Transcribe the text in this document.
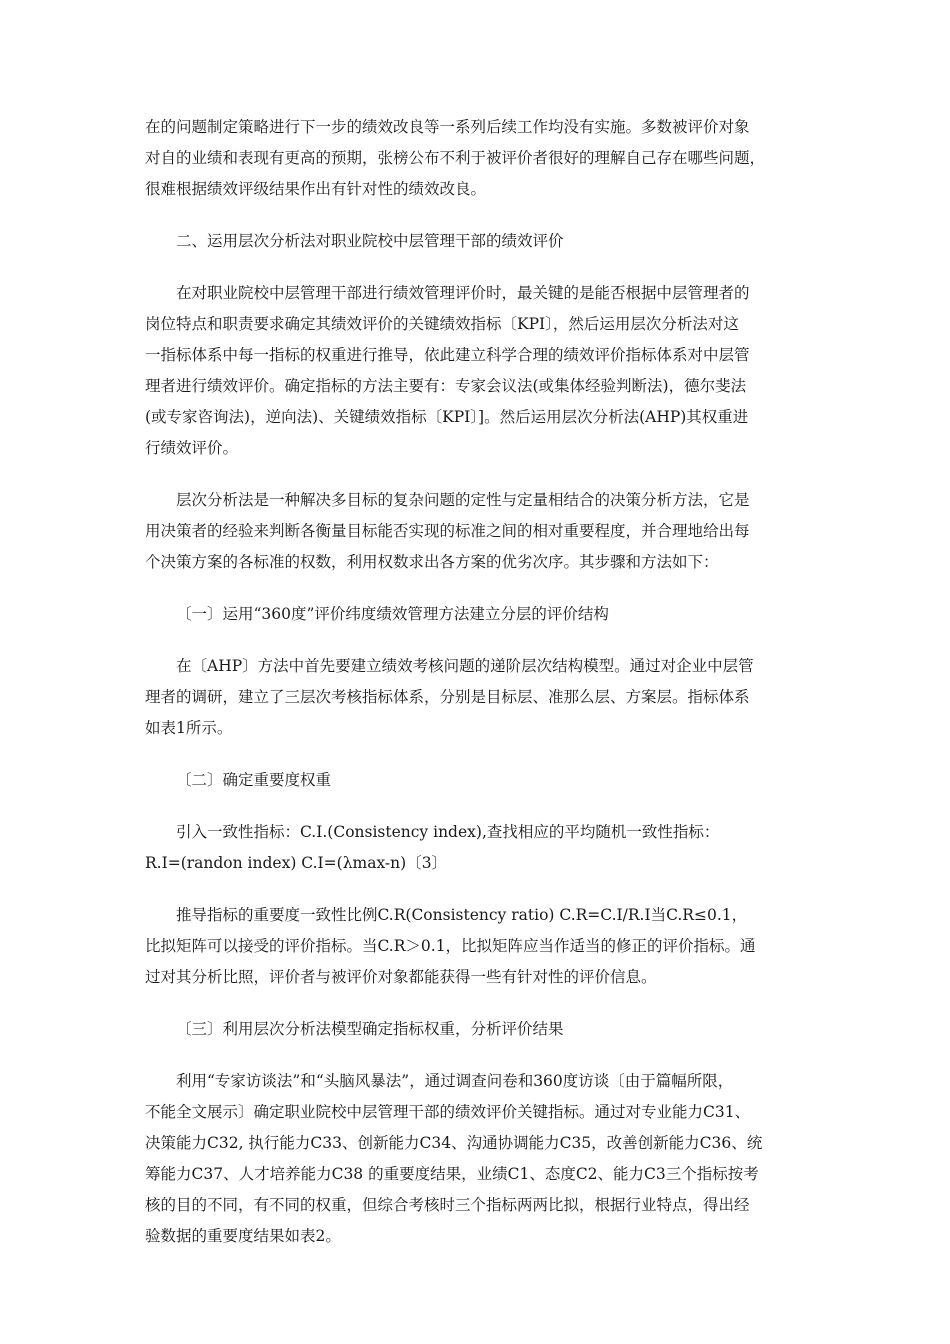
在的问题制定策略进行下一步的绩效改良等一系列后续工作均没有实施。多数被评价对象
对自的业绩和表现有更高的预期，张榜公布不利于被评价者很好的理解自己存在哪些问题，
很难根据绩效评级结果作出有针对性的绩效改良。

二、运用层次分析法对职业院校中层管理干部的绩效评价

在对职业院校中层管理干部进行绩效管理评价时，最关键的是能否根据中层管理者的
岗位特点和职责要求确定其绩效评价的关键绩效指标〔KPI〕，然后运用层次分析法对这
一指标体系中每一指标的权重进行推导，依此建立科学合理的绩效评价指标体系对中层管
理者进行绩效评价。确定指标的方法主要有：专家会议法(或集体经验判断法)，德尔斐法
(或专家咨询法)，逆向法)、关键绩效指标〔KPI〕]。然后运用层次分析法(AHP)其权重进
行绩效评价。

层次分析法是一种解决多目标的复杂问题的定性与定量相结合的决策分析方法，它是
用决策者的经验来判断各衡量目标能否实现的标准之间的相对重要程度，并合理地给出每
个决策方案的各标准的权数，利用权数求出各方案的优劣次序。其步骤和方法如下：

〔一〕运用“360度”评价纬度绩效管理方法建立分层的评价结构

在〔AHP〕方法中首先要建立绩效考核问题的递阶层次结构模型。通过对企业中层管
理者的调研，建立了三层次考核指标体系，分别是目标层、准那么层、方案层。指标体系
如表1所示。

〔二〕确定重要度权重

引入一致性指标：C.I.(Consistency index),查找相应的平均随机一致性指标：
R.I=(randon index) C.I=(λmax-n)〔3〕

推导指标的重要度一致性比例C.R(Consistency ratio) C.R=C.I/R.I当C.R≤0.1，
比拟矩阵可以接受的评价指标。当C.R＞0.1，比拟矩阵应当作适当的修正的评价指标。通
过对其分析比照，评价者与被评价对象都能获得一些有针对性的评价信息。

〔三〕利用层次分析法模型确定指标权重，分析评价结果

利用“专家访谈法”和“头脑风暴法”，通过调查问卷和360度访谈〔由于篇幅所限，
不能全文展示〕确定职业院校中层管理干部的绩效评价关键指标。通过对专业能力C31、
决策能力C32, 执行能力C33、创新能力C34、沟通协调能力C35，改善创新能力C36、统
筹能力C37、人才培养能力C38 的重要度结果，业绩C1、态度C2、能力C3三个指标按考
核的目的不同，有不同的权重，但综合考核时三个指标两两比拟，根据行业特点，得出经
验数据的重要度结果如表2。
